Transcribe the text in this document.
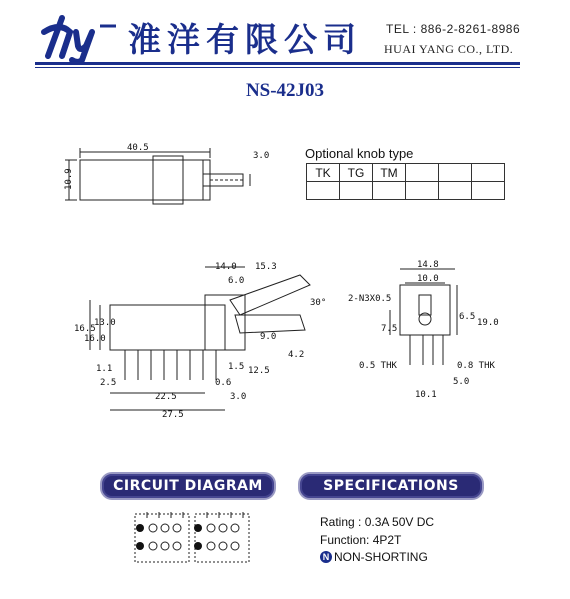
hy
淮洋有限公司 TEL : 886-2-8261-8986
HUAI YANG CO., LTD.
NS-42J03
Optional knob type
TK	TG	TM			

40.5
3.0
10.9
14.0 15.3
6.0
30°
9.0
4.2
16.5
16.0
13.0
1.1	1.5 12.5
2.5	0.6
22.5	3.0
27.5
14.8
10.0
2-N3X0.5
7.5
6.5
19.0
0.5 THK	0.8 THK
5.0
10.1
CIRCUIT DIAGRAM	SPECIFICATIONS
Rating : 0.3A 50V DC
Function: 4P2T
N NON-SHORTING
